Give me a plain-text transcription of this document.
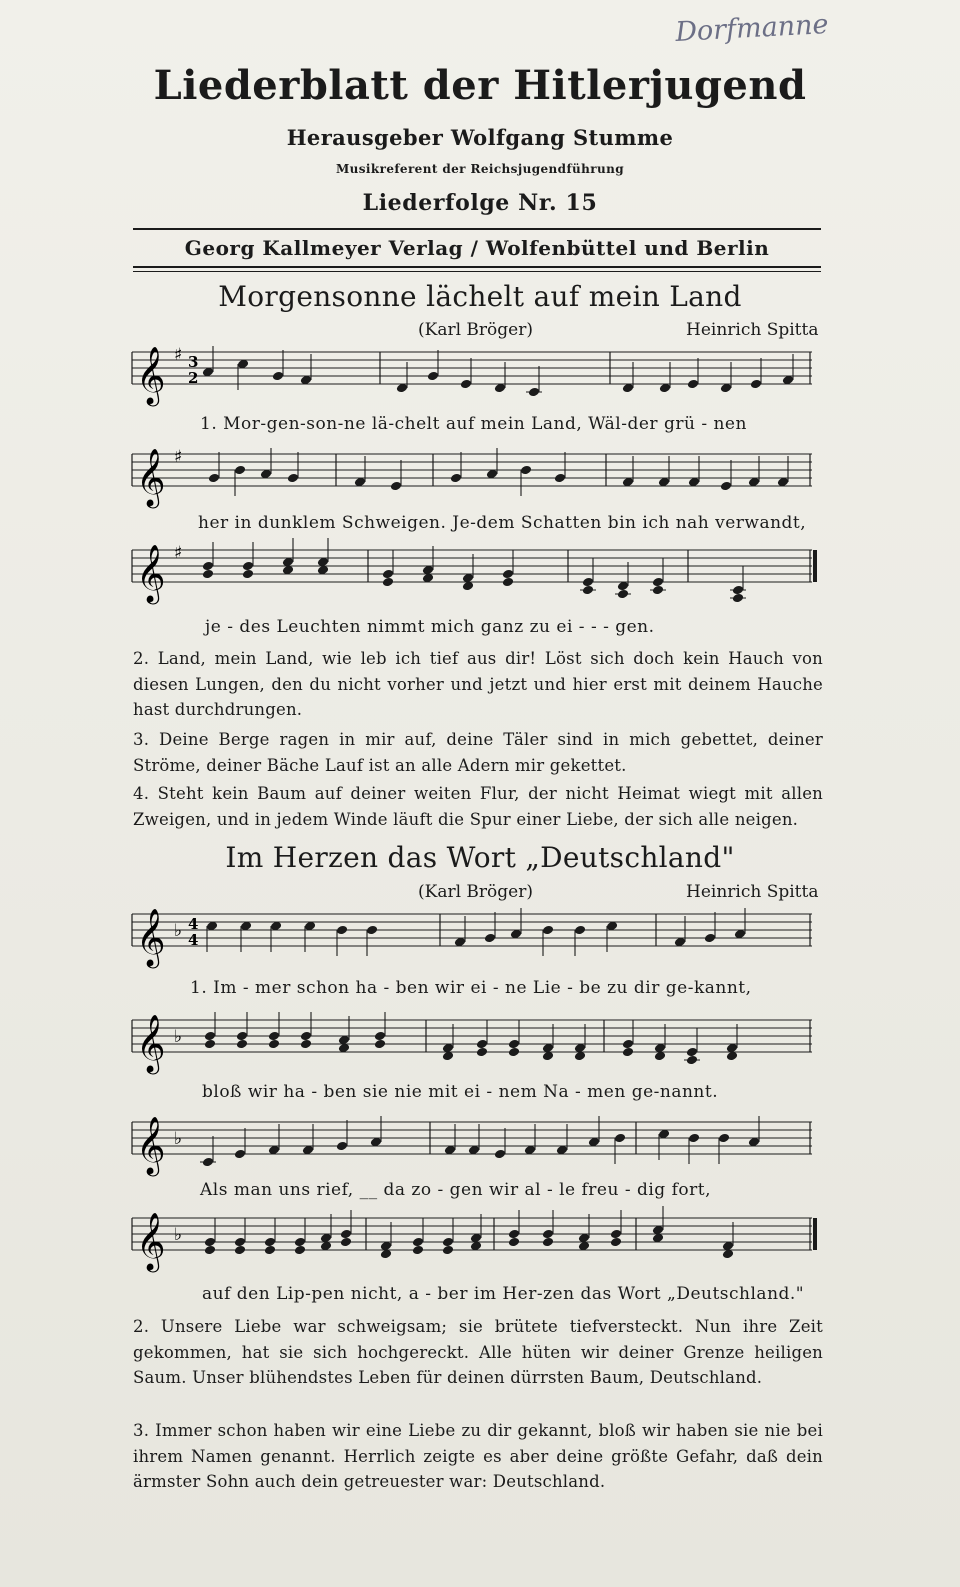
Dorfmanne
Liederblatt der Hitlerjugend
Herausgeber Wolfgang Stumme
Musikreferent der Reichsjugendführung
Liederfolge Nr. 15
Georg Kallmeyer Verlag / Wolfenbüttel und Berlin
Morgensonne lächelt auf mein Land
(Karl Bröger)	Heinrich Spitta
𝄞 ♯ 3
2
1. Mor-gen-son-ne lä-chelt auf mein Land, Wäl-der grü - nen
𝄞 ♯
her in dunklem Schweigen. Je-dem Schatten bin ich nah verwandt,
𝄞 ♯
je - des Leuchten nimmt mich ganz zu ei - - - gen.
2. Land, mein Land, wie leb ich tief aus dir! Löst sich doch kein Hauch von diesen Lungen, den du nicht vorher und jetzt und hier erst mit deinem Hauche hast durchdrungen.
3. Deine Berge ragen in mir auf, deine Täler sind in mich gebettet, deiner Ströme, deiner Bäche Lauf ist an alle Adern mir gekettet.
4. Steht kein Baum auf deiner weiten Flur, der nicht Heimat wiegt mit allen Zweigen, und in jedem Winde läuft die Spur einer Liebe, der sich alle neigen.
Im Herzen das Wort „Deutschland"
(Karl Bröger)	Heinrich Spitta
𝄞 ♭ 4
4
1. Im - mer schon ha - ben wir ei - ne Lie - be zu dir ge-kannt,
𝄞 ♭
bloß wir ha - ben sie nie mit ei - nem Na - men ge-nannt.
𝄞 ♭
Als man uns rief, __ da zo - gen wir al - le freu - dig fort,
𝄞 ♭
auf den Lip-pen nicht, a - ber im Her-zen das Wort „Deutschland."
2. Unsere Liebe war schweigsam; sie brütete tiefversteckt. Nun ihre Zeit gekommen, hat sie sich hochgereckt. Alle hüten wir deiner Grenze heiligen Saum. Unser blühendstes Leben für deinen dürrsten Baum, Deutschland.
3. Immer schon haben wir eine Liebe zu dir gekannt, bloß wir haben sie nie bei ihrem Namen genannt. Herrlich zeigte es aber deine größte Gefahr, daß dein ärmster Sohn auch dein getreuester war: Deutschland.
